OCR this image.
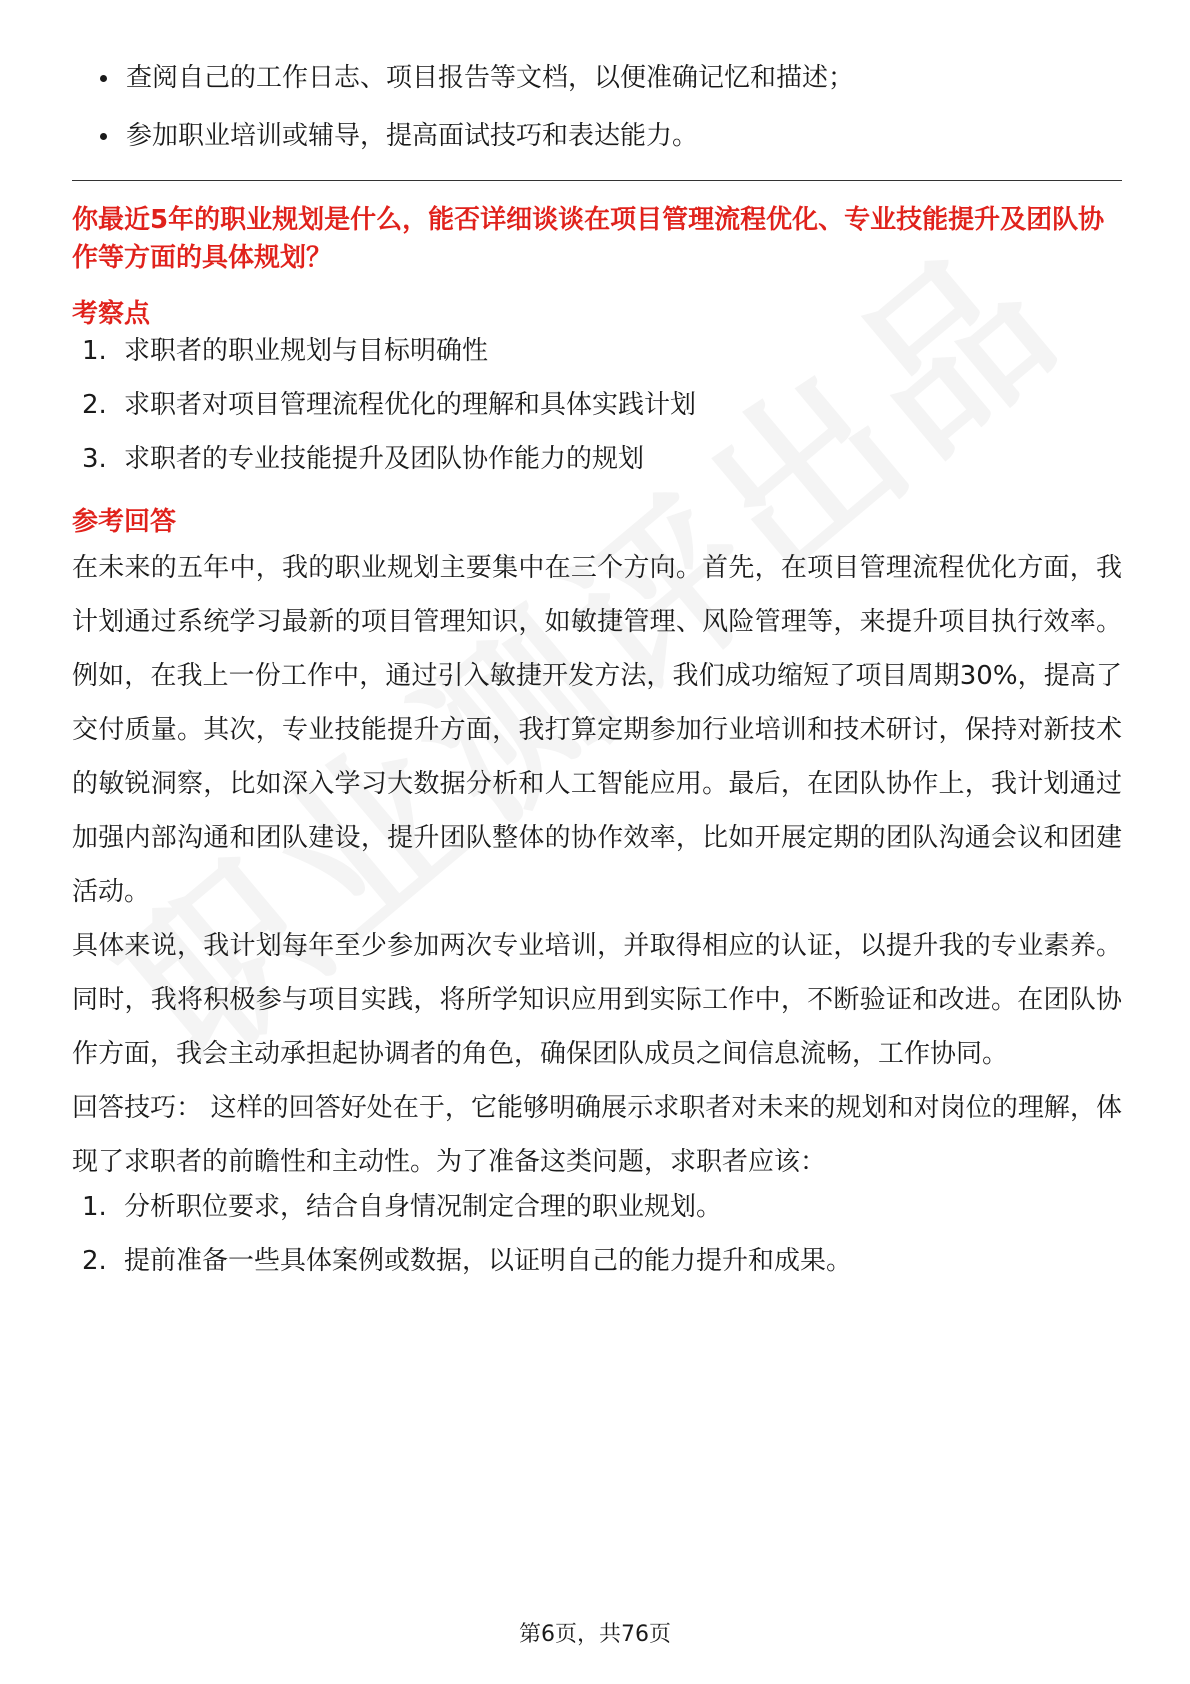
查阅自己的工作日志、项目报告等文档，以便准确记忆和描述；
参加职业培训或辅导，提高面试技巧和表达能力。
你最近5年的职业规划是什么，能否详细谈谈在项目管理流程优化、专业技能提升及团队协作等方面的具体规划？
考察点
1. 求职者的职业规划与目标明确性
2. 求职者对项目管理流程优化的理解和具体实践计划
3. 求职者的专业技能提升及团队协作能力的规划
参考回答

在未来的五年中，我的职业规划主要集中在三个方向。首先，在项目管理流程优化方面，我计划通过系统学习最新的项目管理知识，如敏捷管理、风险管理等，来提升项目执行效率。例如，在我上一份工作中，通过引入敏捷开发方法，我们成功缩短了项目周期30%，提高了交付质量。其次，专业技能提升方面，我打算定期参加行业培训和技术研讨，保持对新技术的敏锐洞察，比如深入学习大数据分析和人工智能应用。最后，在团队协作上，我计划通过加强内部沟通和团队建设，提升团队整体的协作效率，比如开展定期的团队沟通会议和团建活动。

具体来说，我计划每年至少参加两次专业培训，并取得相应的认证，以提升我的专业素养。同时，我将积极参与项目实践，将所学知识应用到实际工作中，不断验证和改进。在团队协作方面，我会主动承担起协调者的角色，确保团队成员之间信息流畅，工作协同。

回答技巧： 这样的回答好处在于，它能够明确展示求职者对未来的规划和对岗位的理解，体现了求职者的前瞻性和主动性。为了准备这类问题，求职者应该：

1. 分析职位要求，结合自身情况制定合理的职业规划。
2. 提前准备一些具体案例或数据，以证明自己的能力提升和成果。
第6页，共76页
